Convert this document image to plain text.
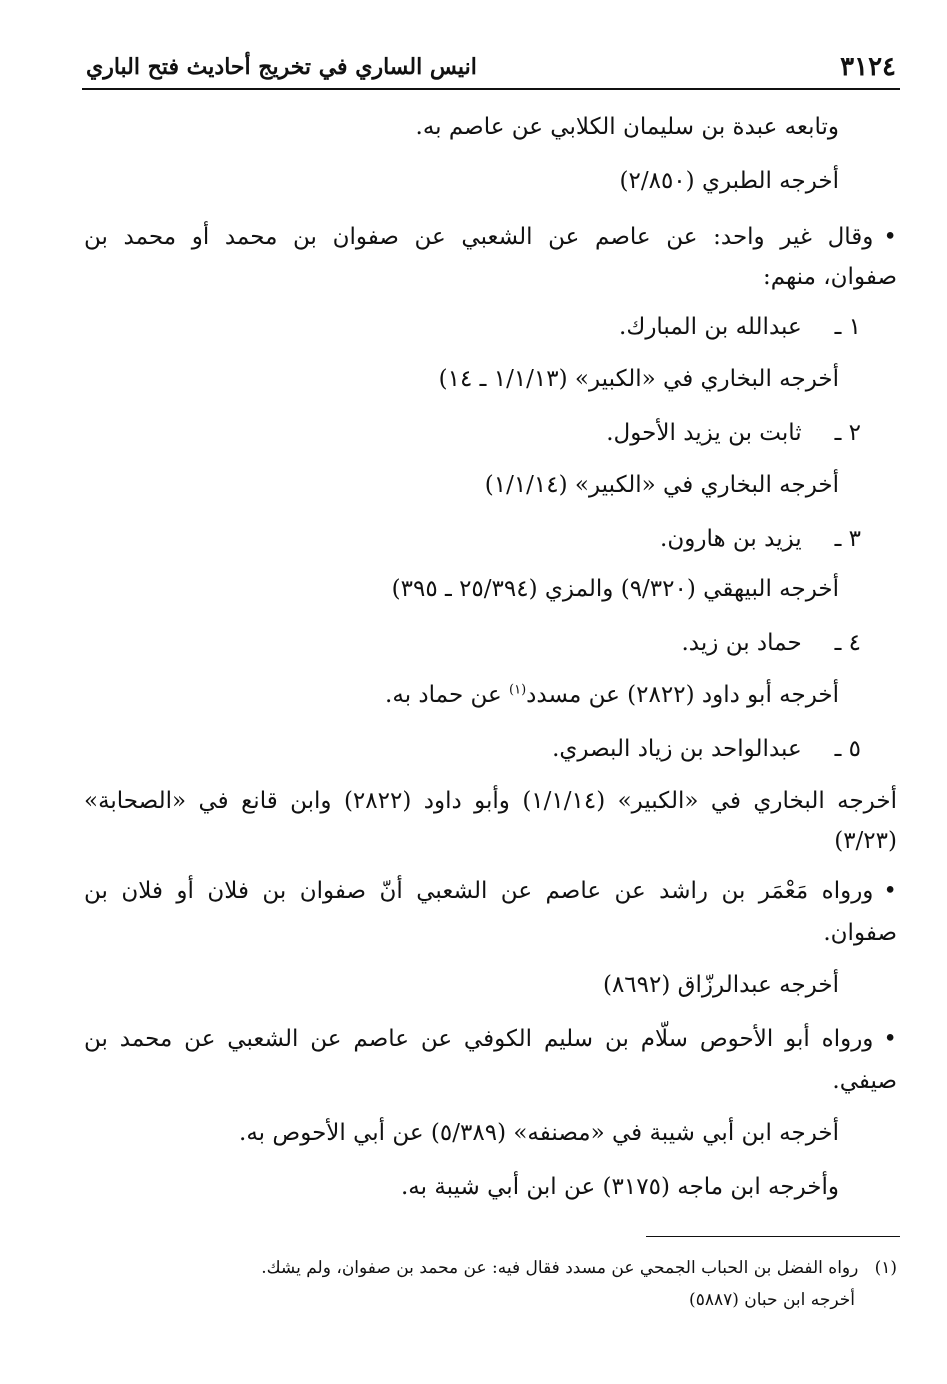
٣١٢٤
انيس الساري في تخريج أحاديث فتح الباري
وتابعه عبدة بن سليمان الكلابي عن عاصم به.
أخرجه الطبري (٢/٨٥٠)
•وقال غير واحد: عن عاصم عن الشعبي عن صفوان بن محمد أو محمد بن
صفوان، منهم:
١ ـ عبدالله بن المبارك.
أخرجه البخاري في «الكبير» (١/١/١٣ ـ ١٤)
٢ ـ ثابت بن يزيد الأحول.
أخرجه البخاري في «الكبير» (١/١/١٤)
٣ ـ يزيد بن هارون.
أخرجه البيهقي (٩/٣٢٠) والمزي (٢٥/٣٩٤ ـ ٣٩٥)
٤ ـ حماد بن زيد.
أخرجه أبو داود (٢٨٢٢) عن مسدد$^{(١)}$ عن حماد به.
٥ ـ عبدالواحد بن زياد البصري.
أخرجه البخاري في «الكبير» (١/١/١٤) وأبو داود (٢٨٢٢) وابن قانع في «الصحابة»
(٣/٢٣)
•ورواه مَعْمَر بن راشد عن عاصم عن الشعبي أنّ صفوان بن فلان أو فلان بن
صفوان.
أخرجه عبدالرزّاق (٨٦٩٢)
•ورواه أبو الأحوص سلّام بن سليم الكوفي عن عاصم عن الشعبي عن محمد بن
صيفي.
أخرجه ابن أبي شيبة في «مصنفه» (٥/٣٨٩) عن أبي الأحوص به.
وأخرجه ابن ماجه (٣١٧٥) عن ابن أبي شيبة به.
(١)   رواه الفضل بن الحباب الجمحي عن مسدد فقال فيه: عن محمد بن صفوان، ولم يشك.
أخرجه ابن حبان (٥٨٨٧)
